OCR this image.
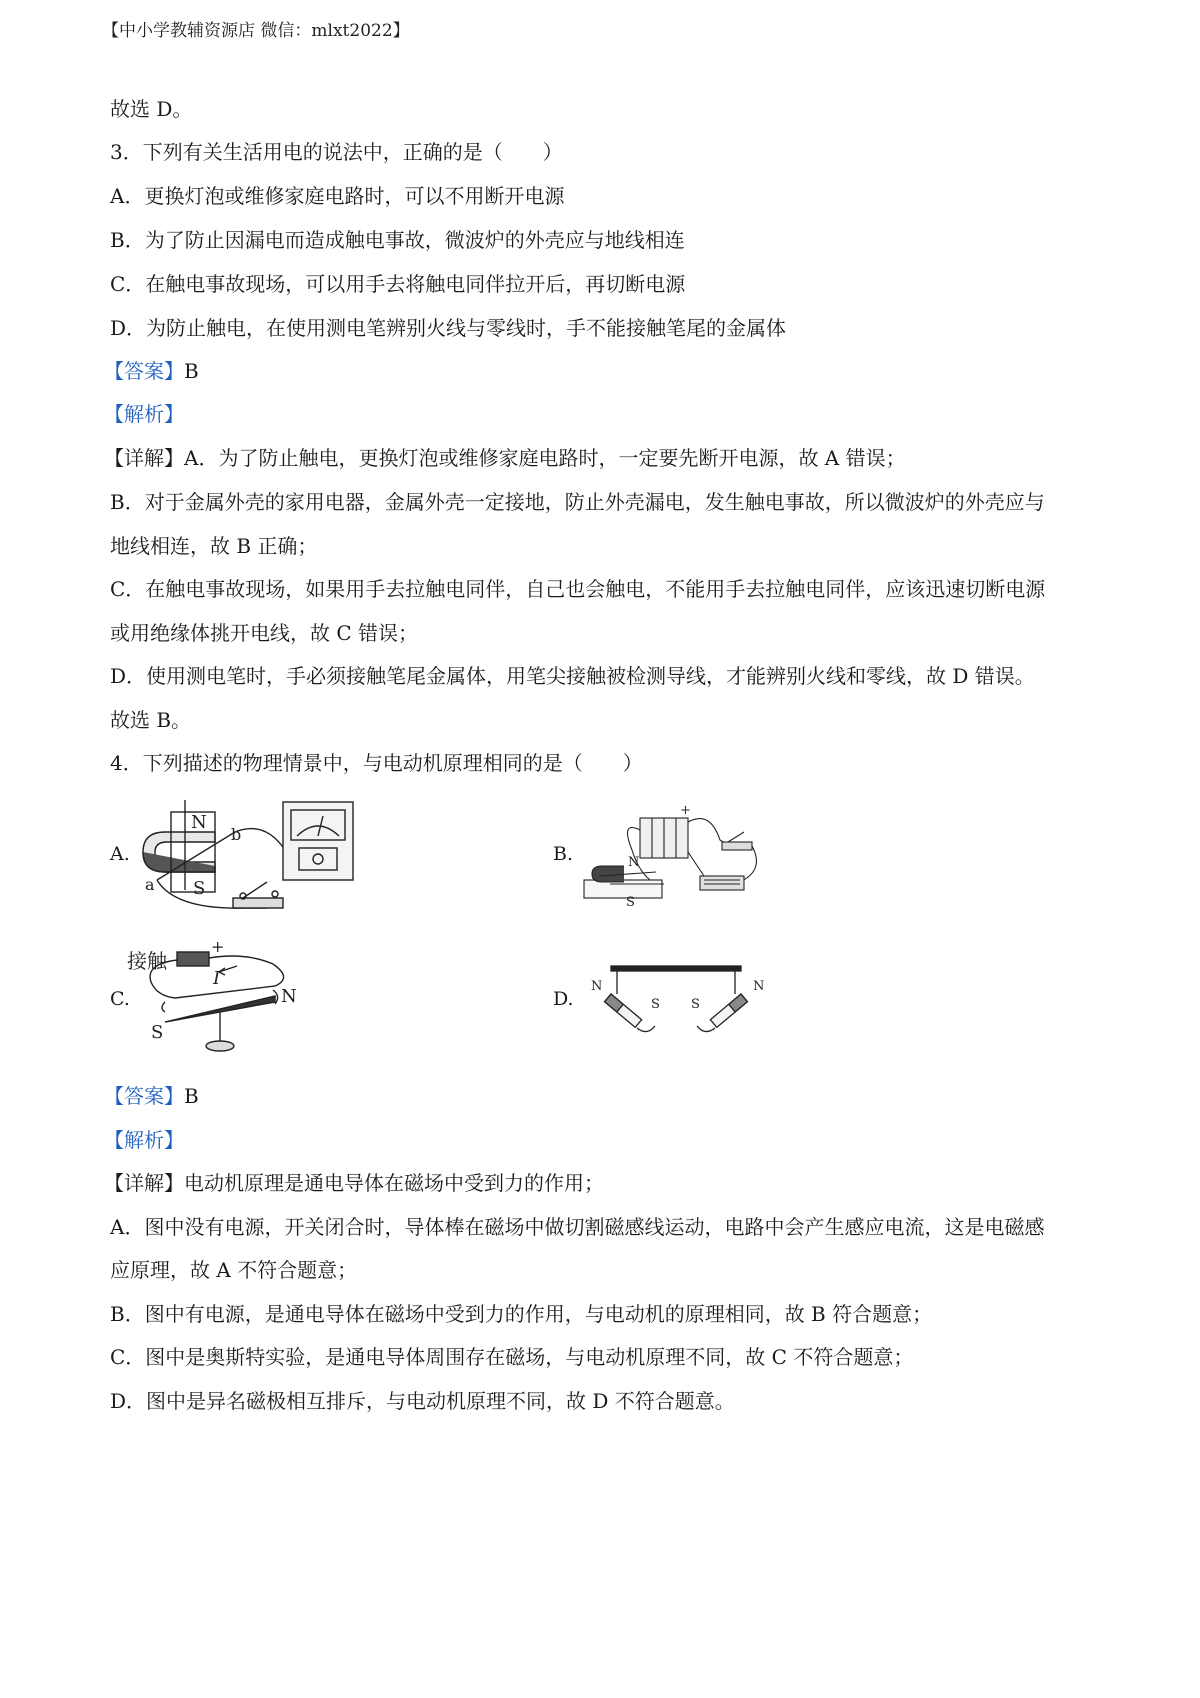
【中小学教辅资源店 微信：mlxt2022】
故选 D。
3．下列有关生活用电的说法中，正确的是（　　）
A．更换灯泡或维修家庭电路时，可以不用断开电源
B．为了防止因漏电而造成触电事故，微波炉的外壳应与地线相连
C．在触电事故现场，可以用手去将触电同伴拉开后，再切断电源
D．为防止触电，在使用测电笔辨别火线与零线时，手不能接触笔尾的金属体
【答案】B
【解析】
【详解】A．为了防止触电，更换灯泡或维修家庭电路时，一定要先断开电源，故 A 错误；
B．对于金属外壳的家用电器，金属外壳一定接地，防止外壳漏电，发生触电事故，所以微波炉的外壳应与
地线相连，故 B 正确；
C．在触电事故现场，如果用手去拉触电同伴，自己也会触电，不能用手去拉触电同伴，应该迅速切断电源
或用绝缘体挑开电线，故 C 错误；
D．使用测电笔时，手必须接触笔尾金属体，用笔尖接触被检测导线，才能辨别火线和零线，故 D 错误。
故选 B。
4．下列描述的物理情景中，与电动机原理相同的是（　　）
A.
N
S
a
b
B.	N
S
+
C.
接触
I
N
S
+
D.
N
S S
N
【答案】B
【解析】
【详解】电动机原理是通电导体在磁场中受到力的作用；
A．图中没有电源，开关闭合时，导体棒在磁场中做切割磁感线运动，电路中会产生感应电流，这是电磁感
应原理，故 A 不符合题意；
B．图中有电源，是通电导体在磁场中受到力的作用，与电动机的原理相同，故 B 符合题意；
C．图中是奥斯特实验，是通电导体周围存在磁场，与电动机原理不同，故 C 不符合题意；
D．图中是异名磁极相互排斥，与电动机原理不同，故 D 不符合题意。
